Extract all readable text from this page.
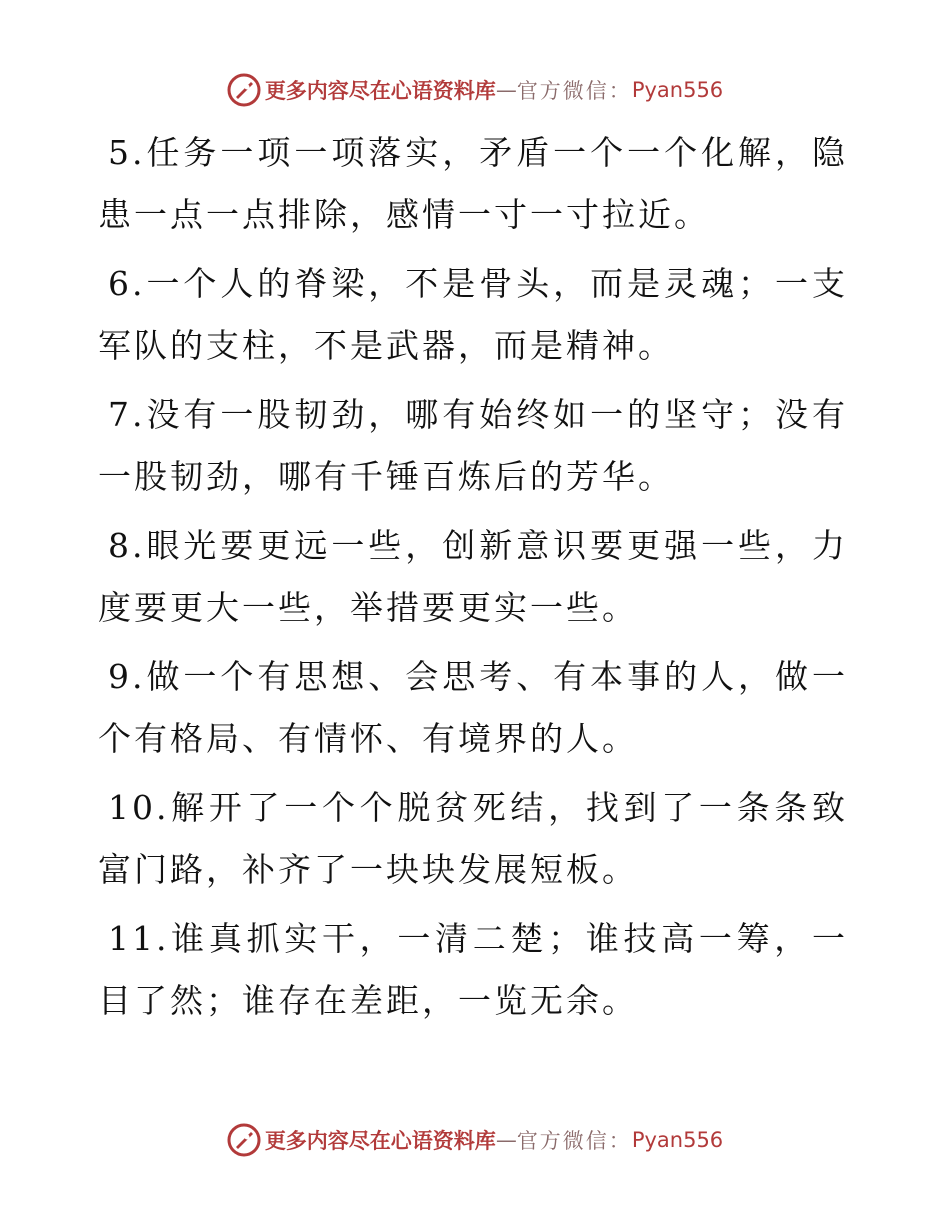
更多内容尽在心语资料库 — 官方微信： Pyan556

5.任务一项一项落实，矛盾一个一个化解，隐患一点一点排除，感情一寸一寸拉近。

6.一个人的脊梁，不是骨头，而是灵魂；一支军队的支柱，不是武器，而是精神。

7.没有一股韧劲，哪有始终如一的坚守；没有一股韧劲，哪有千锤百炼后的芳华。

8.眼光要更远一些，创新意识要更强一些，力度要更大一些，举措要更实一些。

9.做一个有思想、会思考、有本事的人，做一个有格局、有情怀、有境界的人。

10.解开了一个个脱贫死结，找到了一条条致富门路，补齐了一块块发展短板。

11.谁真抓实干，一清二楚；谁技高一筹，一目了然；谁存在差距，一览无余。

更多内容尽在心语资料库 — 官方微信： Pyan556
